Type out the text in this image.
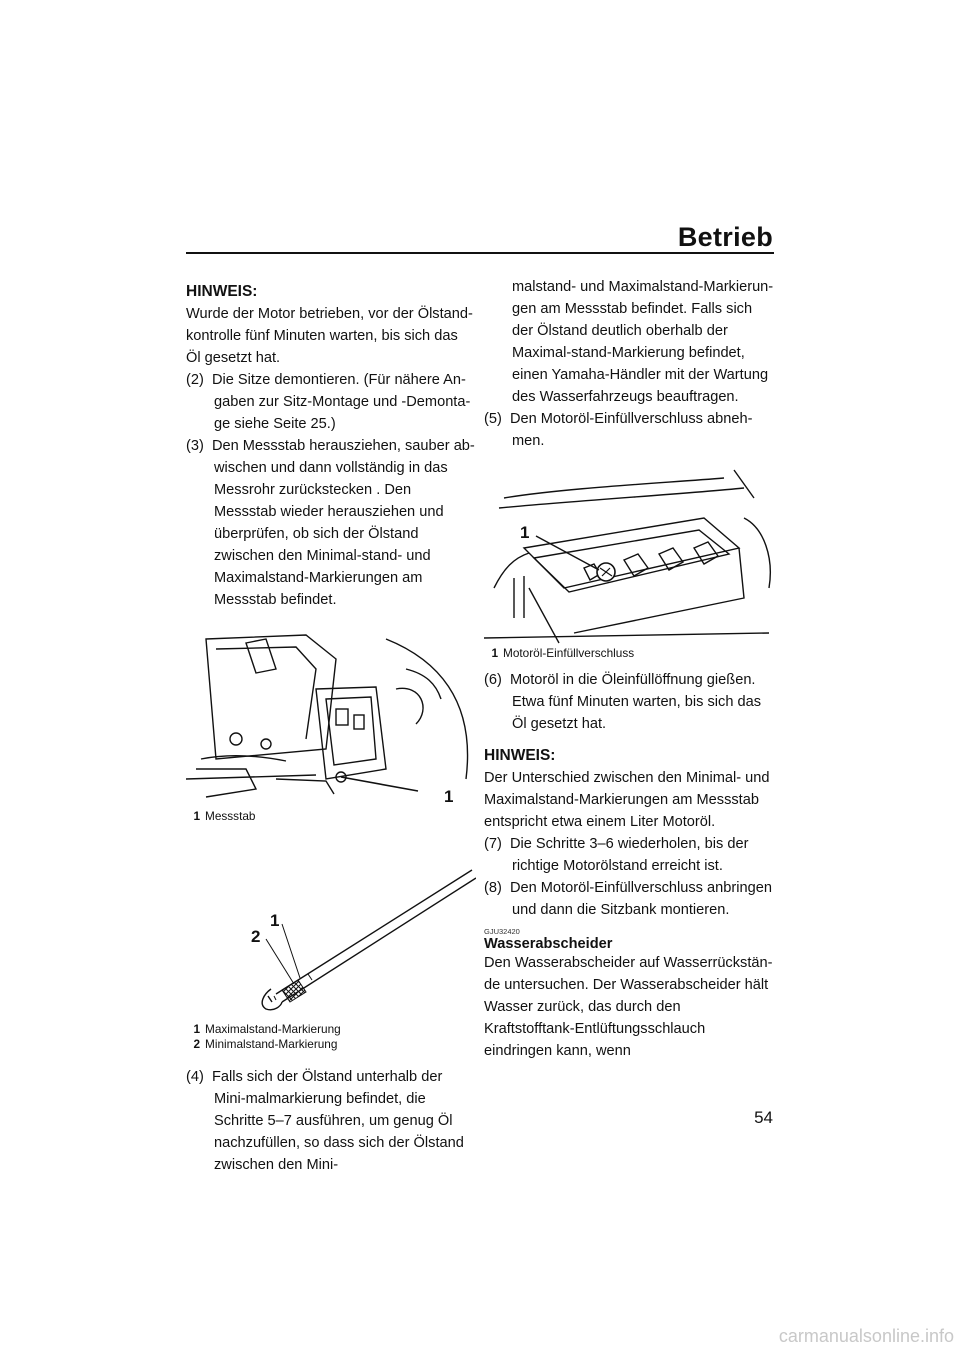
Betrieb

HINWEIS:

Wurde der Motor betrieben, vor der Ölstand-kontrolle fünf Minuten warten, bis sich das Öl gesetzt hat.

(2)  Die Sitze demontieren. (Für nähere An-gaben zur Sitz-Montage und -Demonta-ge siehe Seite 25.)

(3)  Den Messstab herausziehen, sauber ab-wischen und dann vollständig in das Messrohr zurückstecken . Den Messstab wieder herausziehen und überprüfen, ob sich der Ölstand zwischen den Minimal-stand- und Maximalstand-Markierungen am Messstab befindet.

1
1 Messstab
2
1
1 Maximalstand-Markierung
2 Minimalstand-Markierung

(4)  Falls sich der Ölstand unterhalb der Mini-malmarkierung befindet, die Schritte 5–7 ausführen, um genug Öl nachzufüllen, so dass sich der Ölstand zwischen den Mini-

malstand- und Maximalstand-Markierun-gen am Messstab befindet. Falls sich der Ölstand deutlich oberhalb der Maximal-stand-Markierung befindet, einen Yamaha-Händler mit der Wartung des Wasserfahrzeugs beauftragen.

(5)  Den Motoröl-Einfüllverschluss abneh-men.

1
1 Motoröl-Einfüllverschluss

(6)  Motoröl in die Öleinfüllöffnung gießen. Etwa fünf Minuten warten, bis sich das Öl gesetzt hat.

HINWEIS:

Der Unterschied zwischen den Minimal- und Maximalstand-Markierungen am Messstab entspricht etwa einem Liter Motoröl.

(7)  Die Schritte 3–6 wiederholen, bis der richtige Motorölstand erreicht ist.

(8)  Den Motoröl-Einfüllverschluss anbringen und dann die Sitzbank montieren.

GJU32420
Wasserabscheider

Den Wasserabscheider auf Wasserrückstän-de untersuchen. Der Wasserabscheider hält Wasser zurück, das durch den Kraftstofftank-Entlüftungsschlauch eindringen kann, wenn

54
carmanualsonline.info
